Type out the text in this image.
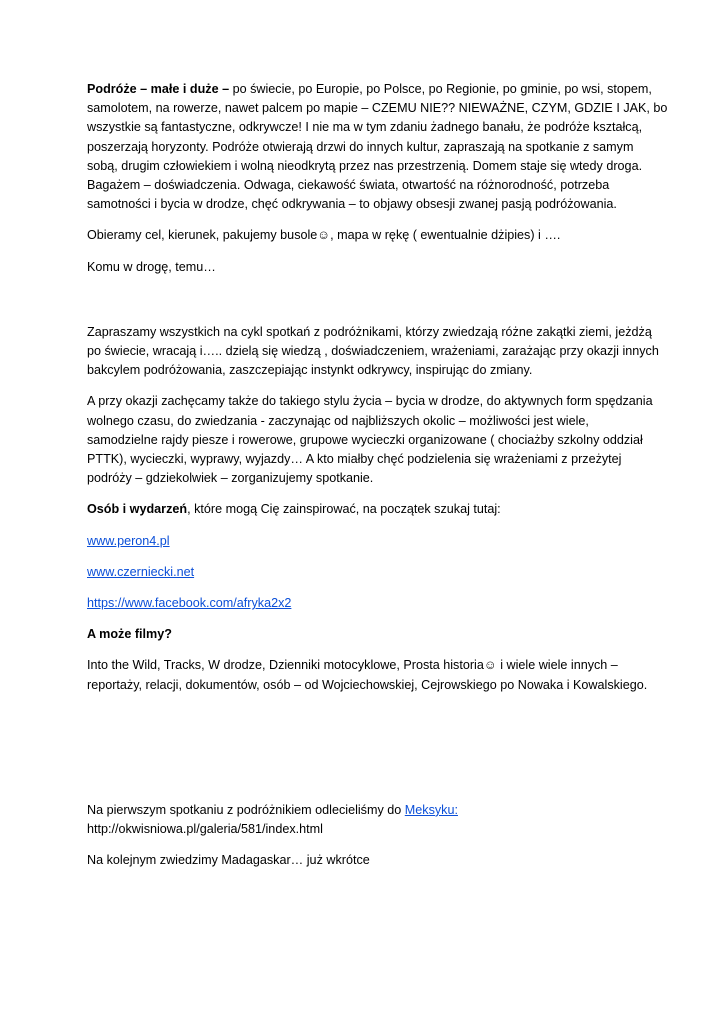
Podróże – małe i duże – po świecie, po Europie, po Polsce, po Regionie, po gminie, po wsi, stopem,
samolotem, na rowerze, nawet palcem po mapie – CZEMU NIE?? NIEWAŻNE, CZYM, GDZIE I JAK, bo
wszystkie są fantastyczne, odkrywcze! I nie ma w tym zdaniu żadnego banału, że podróże kształcą,
poszerzają horyzonty. Podróże otwierają drzwi do innych kultur, zapraszają na spotkanie z samym
sobą, drugim człowiekiem i wolną nieodkrytą przez nas przestrzenią. Domem staje się wtedy droga.
Bagażem – doświadczenia. Odwaga, ciekawość świata, otwartość na różnorodność, potrzeba
samotności i bycia w drodze, chęć odkrywania – to objawy obsesji zwanej pasją podróżowania.

Obieramy cel, kierunek, pakujemy busole☺, mapa w rękę ( ewentualnie dżipies) i ….

Komu w drogę, temu…

Zapraszamy wszystkich na cykl spotkań z podróżnikami, którzy zwiedzają różne zakątki ziemi, jeżdżą
po świecie, wracają i….. dzielą się wiedzą , doświadczeniem, wrażeniami, zarażając przy okazji innych
bakcylem podróżowania, zaszczepiając instynkt odkrywcy, inspirując do zmiany.

A przy okazji zachęcamy także do takiego stylu życia – bycia w drodze, do aktywnych form spędzania
wolnego czasu, do zwiedzania - zaczynając od najbliższych okolic – możliwości jest wiele,
samodzielne rajdy piesze i rowerowe, grupowe wycieczki organizowane ( chociażby szkolny oddział
PTTK), wycieczki, wyprawy, wyjazdy… A kto miałby chęć podzielenia się wrażeniami z przeżytej
podróży – gdziekolwiek – zorganizujemy spotkanie.

Osób i wydarzeń, które mogą Cię zainspirować, na początek szukaj tutaj:

www.peron4.pl

www.czerniecki.net

https://www.facebook.com/afryka2x2

A może filmy?

Into the Wild, Tracks, W drodze, Dzienniki motocyklowe, Prosta historia☺ i wiele wiele innych –
reportaży, relacji, dokumentów, osób – od Wojciechowskiej, Cejrowskiego po Nowaka i Kowalskiego.

Na pierwszym spotkaniu z podróżnikiem odlecieliśmy do Meksyku:
http://okwisniowa.pl/galeria/581/index.html

Na kolejnym zwiedzimy Madagaskar… już wkrótce
